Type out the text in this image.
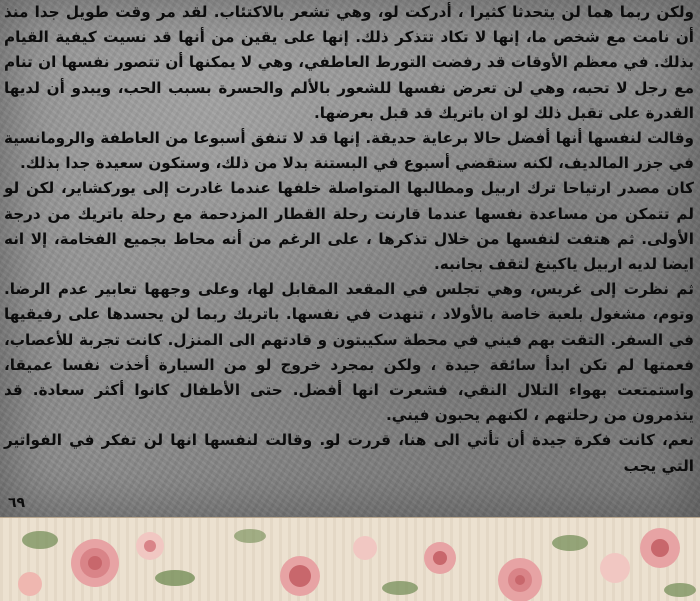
ولكن ربما هما لن يتحدثا كثيرا ، أدركت لو، وهي تشعر بالاكتئاب. لقد مر وقت طويل جدا منذ أن نامت مع شخص ما، إنها لا تكاد تتذكر ذلك. إنها على يقين من أنها قد نسيت كيفية القيام بذلك. في معظم الأوقات قد رفضت التورط العاطفي، وهي لا يمكنها أن تتصور نفسها ان تنام مع رجل لا تحبه، وهي لن تعرض نفسها للشعور بالألم والحسرة بسبب الحب، ويبدو أن لديها القدرة على تقبل ذلك لو ان باتريك قد قبل بعرضها.

وقالت لنفسها أنها أفضل حالا برعاية حديقة. إنها قد لا تنفق أسبوعا من العاطفة والرومانسية في جزر المالديف، لكنه ستقضي أسبوع في البستنة بدلا من ذلك، وستكون سعيدة جدا بذلك.

كان مصدر ارتياحا ترك اربيل ومطالبها المتواصلة خلفها عندما غادرت إلى يوركشاير، لكن لو لم تتمكن من مساعدة نفسها عندما قارنت رحلة القطار المزدحمة مع رحلة باتريك من درجة الأولى. ثم هتفت لنفسها من خلال تذكرها ، على الرغم من أنه محاط بجميع الفخامة، إلا انه ايضا لديه اربيل ياكينغ لتقف بجانبه.

ثم نظرت إلى غريس، وهي تجلس في المقعد المقابل لها، وعلى وجهها تعابير عدم الرضا. وتوم، مشغول بلعبة خاصة بالأولاد ، تنهدت في نفسها. باتريك ربما لن يحسدها على رفيقيها في السفر. التقت بهم فيني في محطة سكيبتون و قادتهم الى المنزل. كانت تجربة للأعصاب، فعمتها لم تكن ابدأ سائقة جيدة ، ولكن بمجرد خروج لو من السيارة أخذت نفسا عميقا، واستمتعت بهواء التلال النقي، فشعرت انها أفضل. حتى الأطفال كانوا أكثر سعادة. قد يتذمرون من رحلتهم ، لكنهم يحبون فيني.

نعم، كانت فكرة جيدة أن تأتي الى هنا، قررت لو. وقالت لنفسها انها لن تفكر في الفواتير التي يجب

٦٩
